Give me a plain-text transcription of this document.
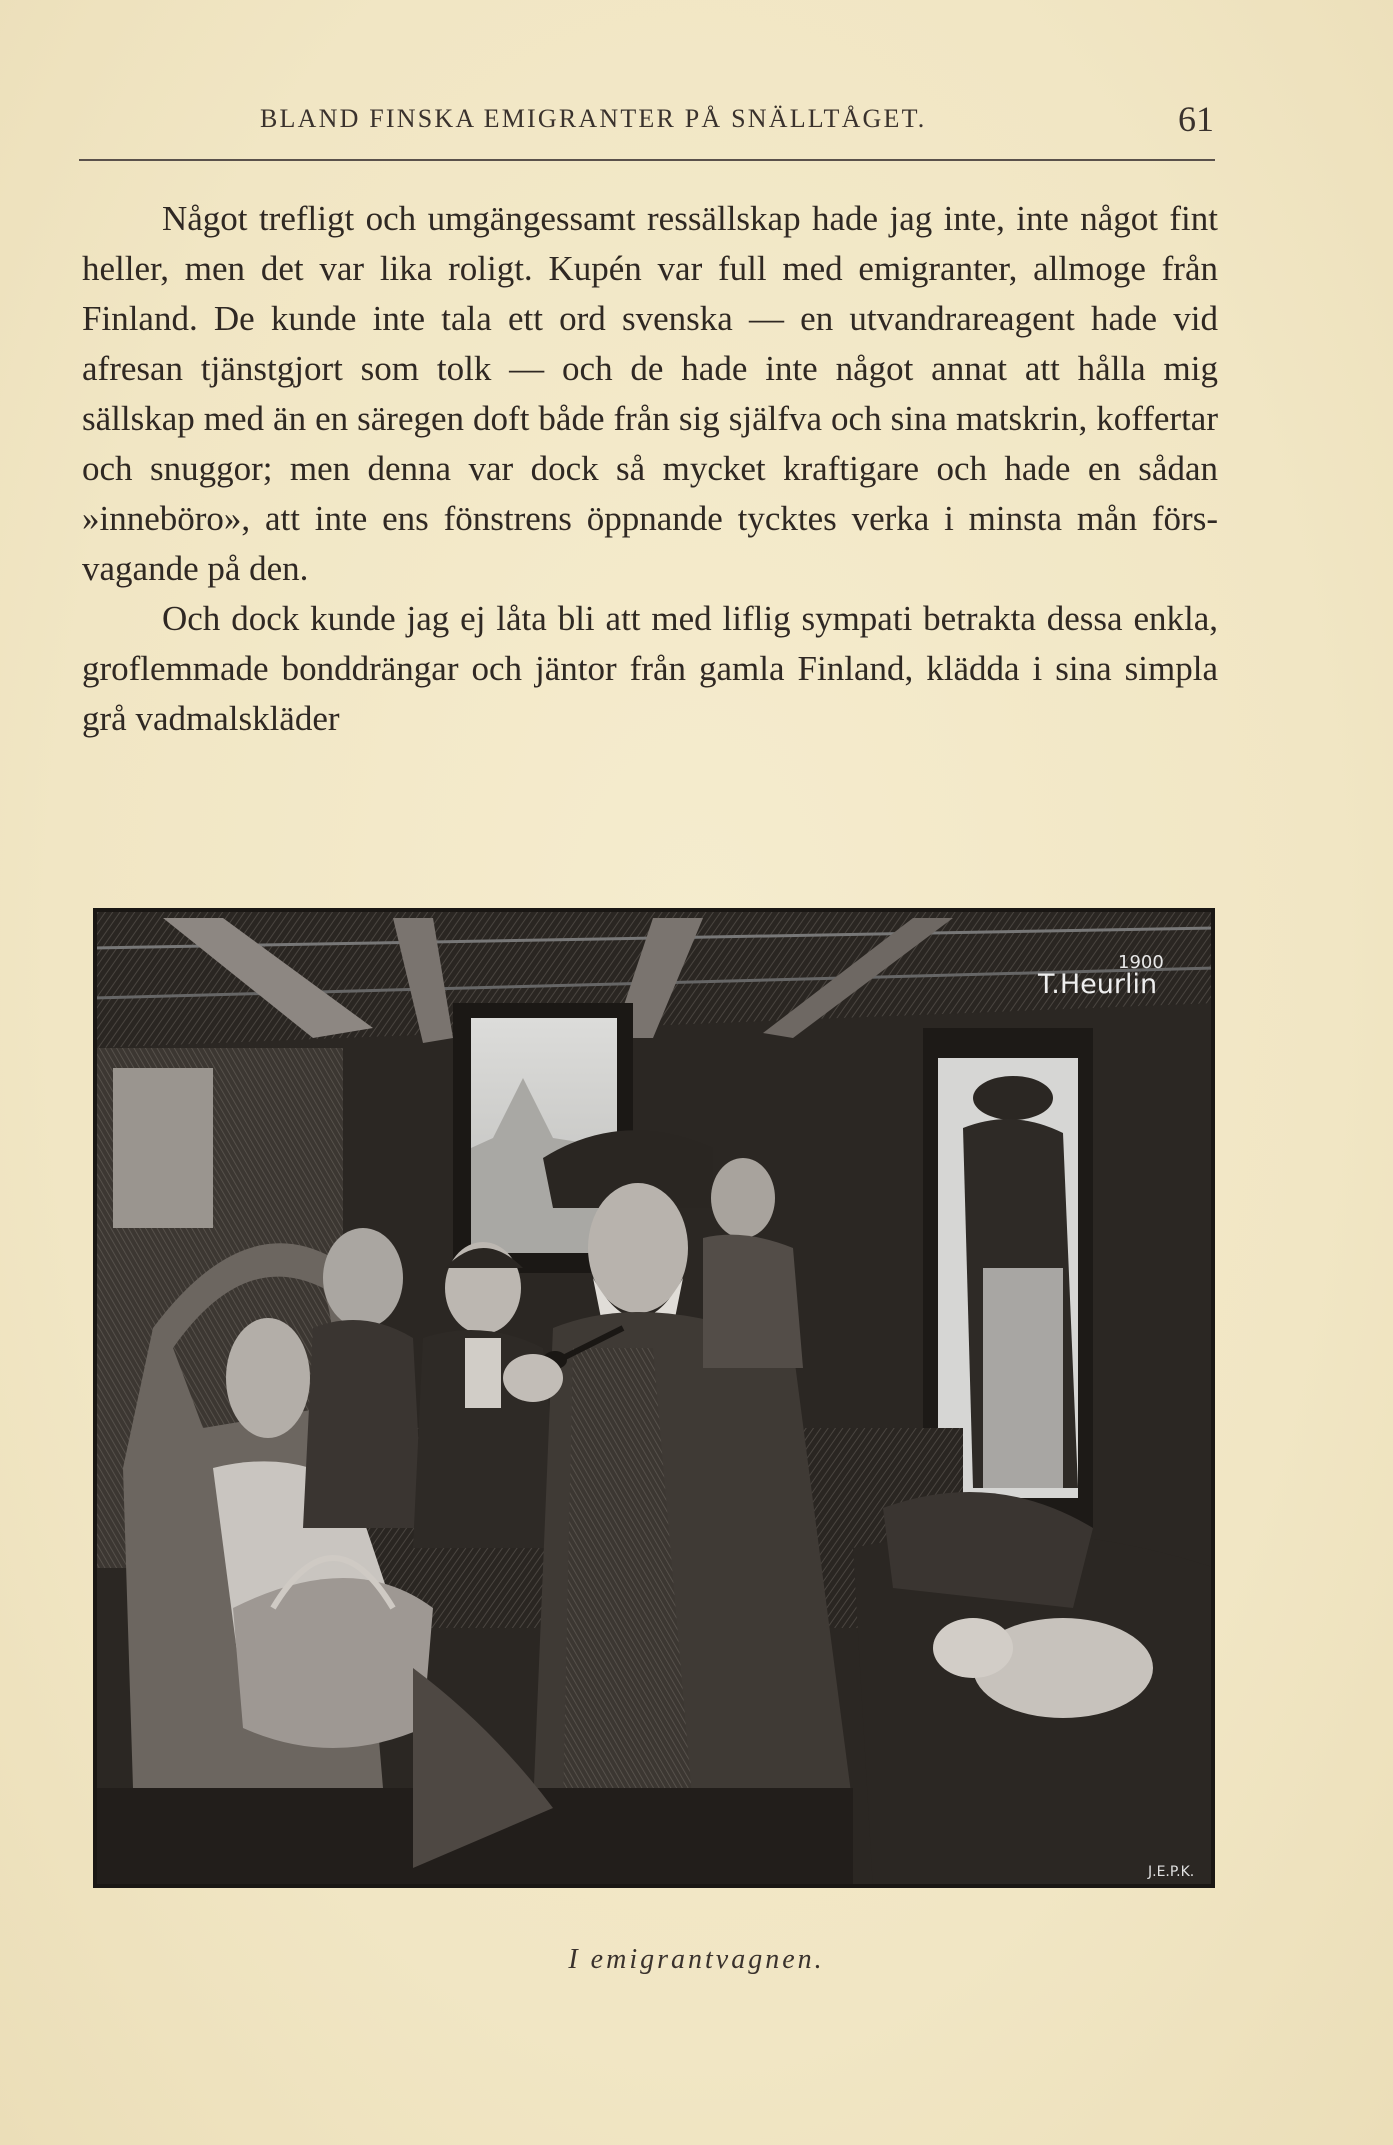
BLAND FINSKA EMIGRANTER PÅ SNÄLLTÅGET.	61

Något trefligt och umgängessamt ressällskap hade jag inte, inte något fint heller, men det var lika roligt. Kupén var full med emigranter, allmoge från Finland. De kunde inte tala ett ord svenska — en utvandrareagent hade vid afresan tjänstgjort som tolk — och de hade inte något annat att hålla mig sällskap med än en säregen doft både från sig själfva och sina matskrin, koffertar och snuggor; men denna var dock så mycket kraftigare och hade en sådan »inneböro», att inte ens fönstrens öppnande tycktes verka i minsta mån försvagande på den.

Och dock kunde jag ej låta bli att med liflig sympati betrakta dessa enkla, groflemmade bonddrängar och jäntor från gamla Finland, klädda i sina simpla grå vadmalskläder

1900
T.Heurlin
J.E.P.K.
I emigrantvagnen.
